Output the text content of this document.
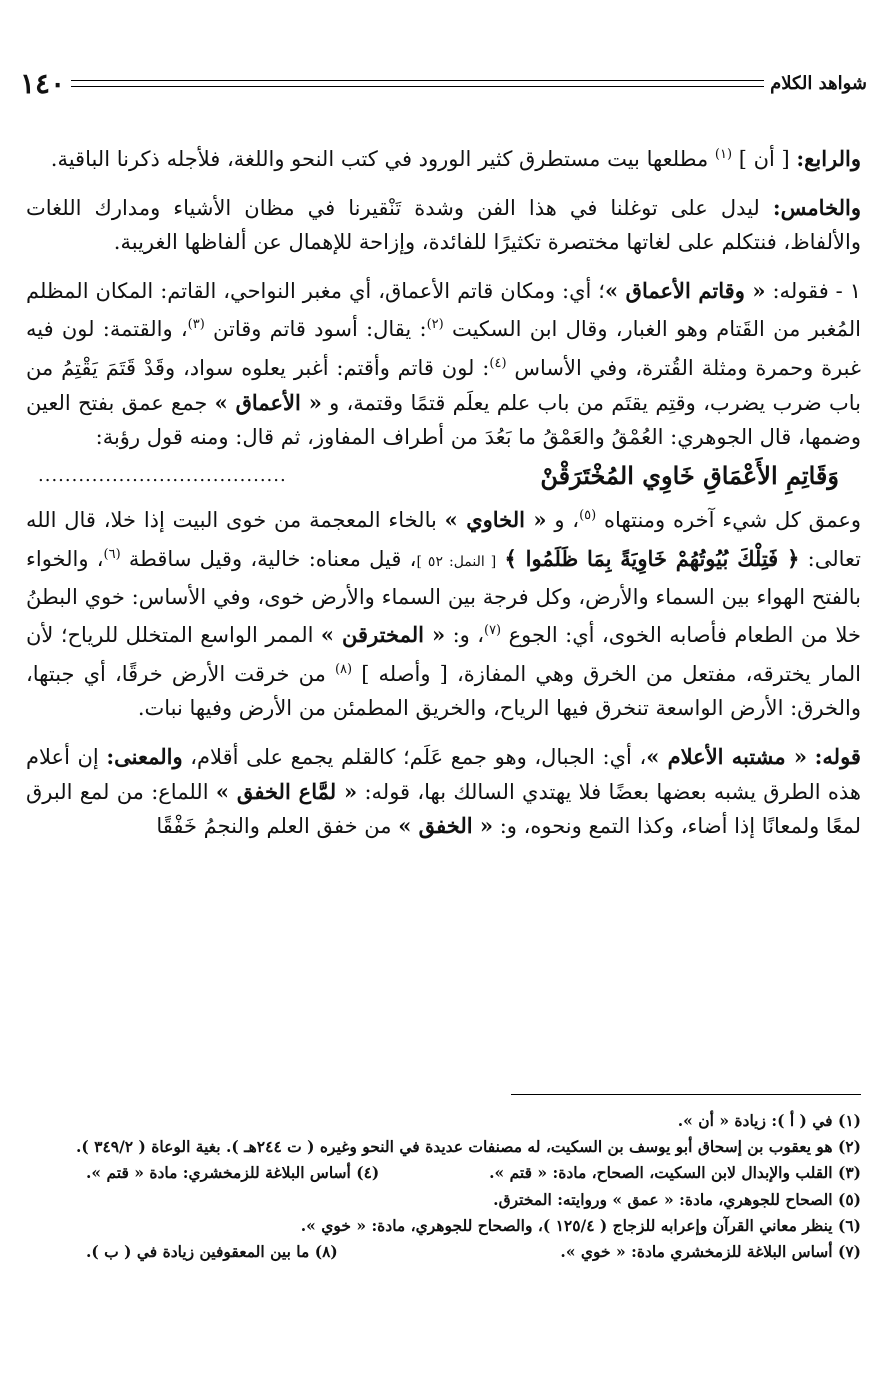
١٤٠	شواهد الكلام

والرابع: [ أن ] $^{(١)}$ مطلعها بيت مستطرق كثير الورود في كتب النحو واللغة، فلأجله ذكرنا الباقية.

والخامس: ليدل على توغلنا في هذا الفن وشدة تَنْقيرنا في مظان الأشياء ومدارك اللغات والألفاظ، فنتكلم على لغاتها مختصرة تكثيرًا للفائدة، وإزاحة للإهمال عن ألفاظها الغريبة.

١ - فقوله: « وقاتم الأعماق »؛ أي: ومكان قاتم الأعماق، أي مغبر النواحي، القاتم: المكان المظلم المُغبر من القَتام وهو الغبار، وقال ابن السكيت $^{(٢)}$: يقال: أسود قاتم وقاتن $^{(٣)}$، والقتمة: لون فيه غبرة وحمرة ومثلة القُترة، وفي الأساس $^{(٤)}$: لون قاتم وأقتم: أغبر يعلوه سواد، وقَدْ قَتَمَ يَقْتِمُ من باب ضرب يضرب، وقتِم يقتَم من باب علم يعلَم قتمًا وقتمة، و « الأعماق » جمع عمق بفتح العين وضمها، قال الجوهري: العُمْقُ والعَمْقُ ما بَعُدَ من أطراف المفاوز، ثم قال: ومنه قول رؤبة:

وَقَاتِمِ الأَعْمَاقِ خَاوِي المُخْتَرَقْنْ
.....................................

وعمق كل شيء آخره ومنتهاه $^{(٥)}$، و « الخاوي » بالخاء المعجمة من خوى البيت إذا خلا، قال الله تعالى: ﴿ فَتِلْكَ بُيُوتُهُمْ خَاوِيَةً بِمَا ظَلَمُوا ﴾ [ النمل: ٥٢ ]، قيل معناه: خالية، وقيل ساقطة $^{(٦)}$، والخواء بالفتح الهواء بين السماء والأرض، وكل فرجة بين السماء والأرض خوى، وفي الأساس: خوي البطنُ خلا من الطعام فأصابه الخوى، أي: الجوع $^{(٧)}$، و: « المخترقن » الممر الواسع المتخلل للرياح؛ لأن المار يخترقه، مفتعل من الخرق وهي المفازة، [ وأصله ] $^{(٨)}$ من خرقت الأرض خرقًا، أي جبتها، والخرق: الأرض الواسعة تنخرق فيها الرياح، والخريق المطمئن من الأرض وفيها نبات.

قوله: « مشتبه الأعلام »، أي: الجبال، وهو جمع عَلَم؛ كالقلم يجمع على أقلام، والمعنى: إن أعلام هذه الطرق يشبه بعضها بعضًا فلا يهتدي السالك بها، قوله: « لمَّاع الخفق » اللماع: من لمع البرق لمعًا ولمعانًا إذا أضاء، وكذا التمع ونحوه، و: « الخفق » من خفق العلم والنجمُ خَفْقًا

(١) في ( أ ): زيادة « أن ».
(٢) هو يعقوب بن إسحاق أبو يوسف بن السكيت، له مصنفات عديدة في النحو وغيره ( ت ٢٤٤هـ ). بغية الوعاة ( ٣٤٩/٢ ).
(٣) القلب والإبدال لابن السكيت، الصحاح، مادة: « قتم ».
(٤) أساس البلاغة للزمخشري: مادة « قتم ».
(٥) الصحاح للجوهري، مادة: « عمق » وروايته: المخترق.
(٦) ينظر معاني القرآن وإعرابه للزجاج ( ١٢٥/٤ )، والصحاح للجوهري، مادة: « خوي ».
(٧) أساس البلاغة للزمخشري مادة: « خوي ».
(٨) ما بين المعقوفين زيادة في ( ب ).
